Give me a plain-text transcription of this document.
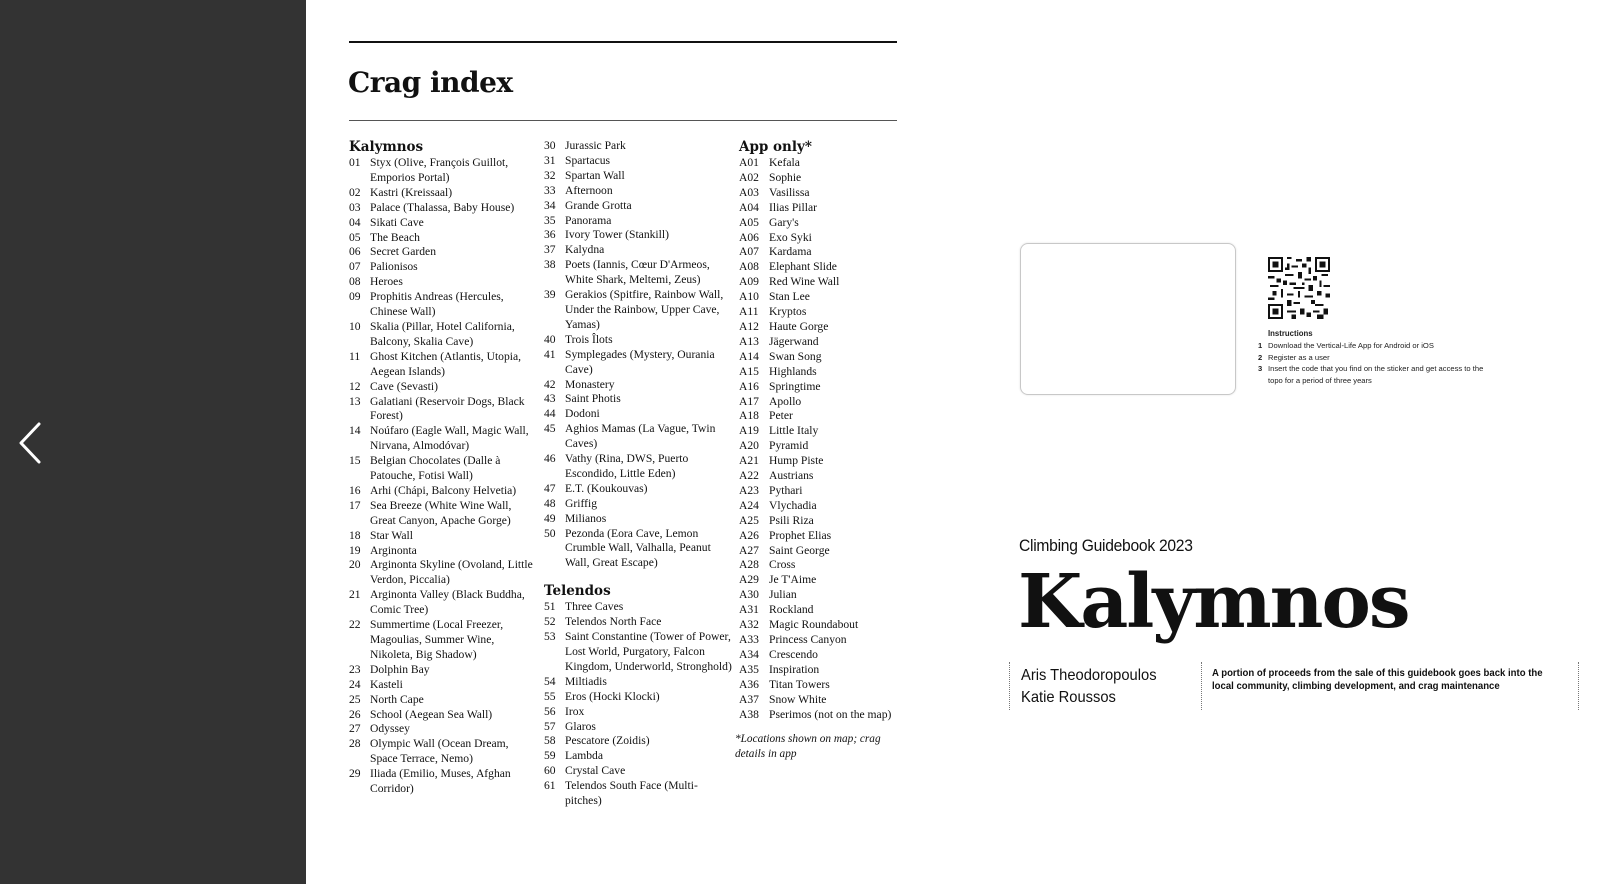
Crag index
Kalymnos
01 Styx (Olive, François Guillot, Emporios Portal)
02 Kastri (Kreissaal)
03 Palace (Thalassa, Baby House)
04 Sikati Cave
05 The Beach
06 Secret Garden
07 Palionisos
08 Heroes
09 Prophitis Andreas (Hercules, Chinese Wall)
10 Skalia (Pillar, Hotel California, Balcony, Skalia Cave)
11 Ghost Kitchen (Atlantis, Utopia, Aegean Islands)
12 Cave (Sevasti)
13 Galatiani (Reservoir Dogs, Black Forest)
14 Noúfaro (Eagle Wall, Magic Wall, Nirvana, Almodóvar)
15 Belgian Chocolates (Dalle à Patouche, Fotisi Wall)
16 Arhi (Chápi, Balcony Helvetia)
17 Sea Breeze (White Wine Wall, Great Canyon, Apache Gorge)
18 Star Wall
19 Arginonta
20 Arginonta Skyline (Ovoland, Little Verdon, Piccalia)
21 Arginonta Valley (Black Buddha, Comic Tree)
22 Summertime (Local Freezer, Magoulias, Summer Wine, Nikoleta, Big Shadow)
23 Dolphin Bay
24 Kasteli
25 North Cape
26 School (Aegean Sea Wall)
27 Odyssey
28 Olympic Wall (Ocean Dream, Space Terrace, Nemo)
29 Iliada (Emilio, Muses, Afghan Corridor)
30 Jurassic Park
31 Spartacus
32 Spartan Wall
33 Afternoon
34 Grande Grotta
35 Panorama
36 Ivory Tower (Stankill)
37 Kalydna
38 Poets (Iannis, Cœur D'Armeos, White Shark, Meltemi, Zeus)
39 Gerakios (Spitfire, Rainbow Wall, Under the Rainbow, Upper Cave, Yamas)
40 Trois Îlots
41 Symplegades (Mystery, Ourania Cave)
42 Monastery
43 Saint Photis
44 Dodoni
45 Aghios Mamas (La Vague, Twin Caves)
46 Vathy (Rina, DWS, Puerto Escondido, Little Eden)
47 E.T. (Koukouvas)
48 Griffig
49 Milianos
50 Pezonda (Eora Cave, Lemon Crumble Wall, Valhalla, Peanut Wall, Great Escape)
Telendos
51 Three Caves
52 Telendos North Face
53 Saint Constantine (Tower of Power, Lost World, Purgatory, Falcon Kingdom, Underworld, Stronghold)
54 Miltiadis
55 Eros (Hocki Klocki)
56 Irox
57 Glaros
58 Pescatore (Zoidis)
59 Lambda
60 Crystal Cave
61 Telendos South Face (Multi-pitches)
App only*
A01 Kefala
A02 Sophie
A03 Vasilissa
A04 Ilias Pillar
A05 Gary's
A06 Exo Syki
A07 Kardama
A08 Elephant Slide
A09 Red Wine Wall
A10 Stan Lee
A11 Kryptos
A12 Haute Gorge
A13 Jägerwand
A14 Swan Song
A15 Highlands
A16 Springtime
A17 Apollo
A18 Peter
A19 Little Italy
A20 Pyramid
A21 Hump Piste
A22 Austrians
A23 Pythari
A24 Vlychadia
A25 Psili Riza
A26 Prophet Elias
A27 Saint George
A28 Cross
A29 Je T'Aime
A30 Julian
A31 Rockland
A32 Magic Roundabout
A33 Princess Canyon
A34 Crescendo
A35 Inspiration
A36 Titan Towers
A37 Snow White
A38 Pserimos (not on the map)
*Locations shown on map; crag details in app
Instructions
1 Download the Vertical-Life App for Android or iOS
2 Register as a user
3 Insert the code that you find on the sticker and get access to the topo for a period of three years
Climbing Guidebook 2023
Kalymnos
Aris Theodoropoulos
Katie Roussos
A portion of proceeds from the sale of this guidebook goes back into the local community, climbing development, and crag maintenance
